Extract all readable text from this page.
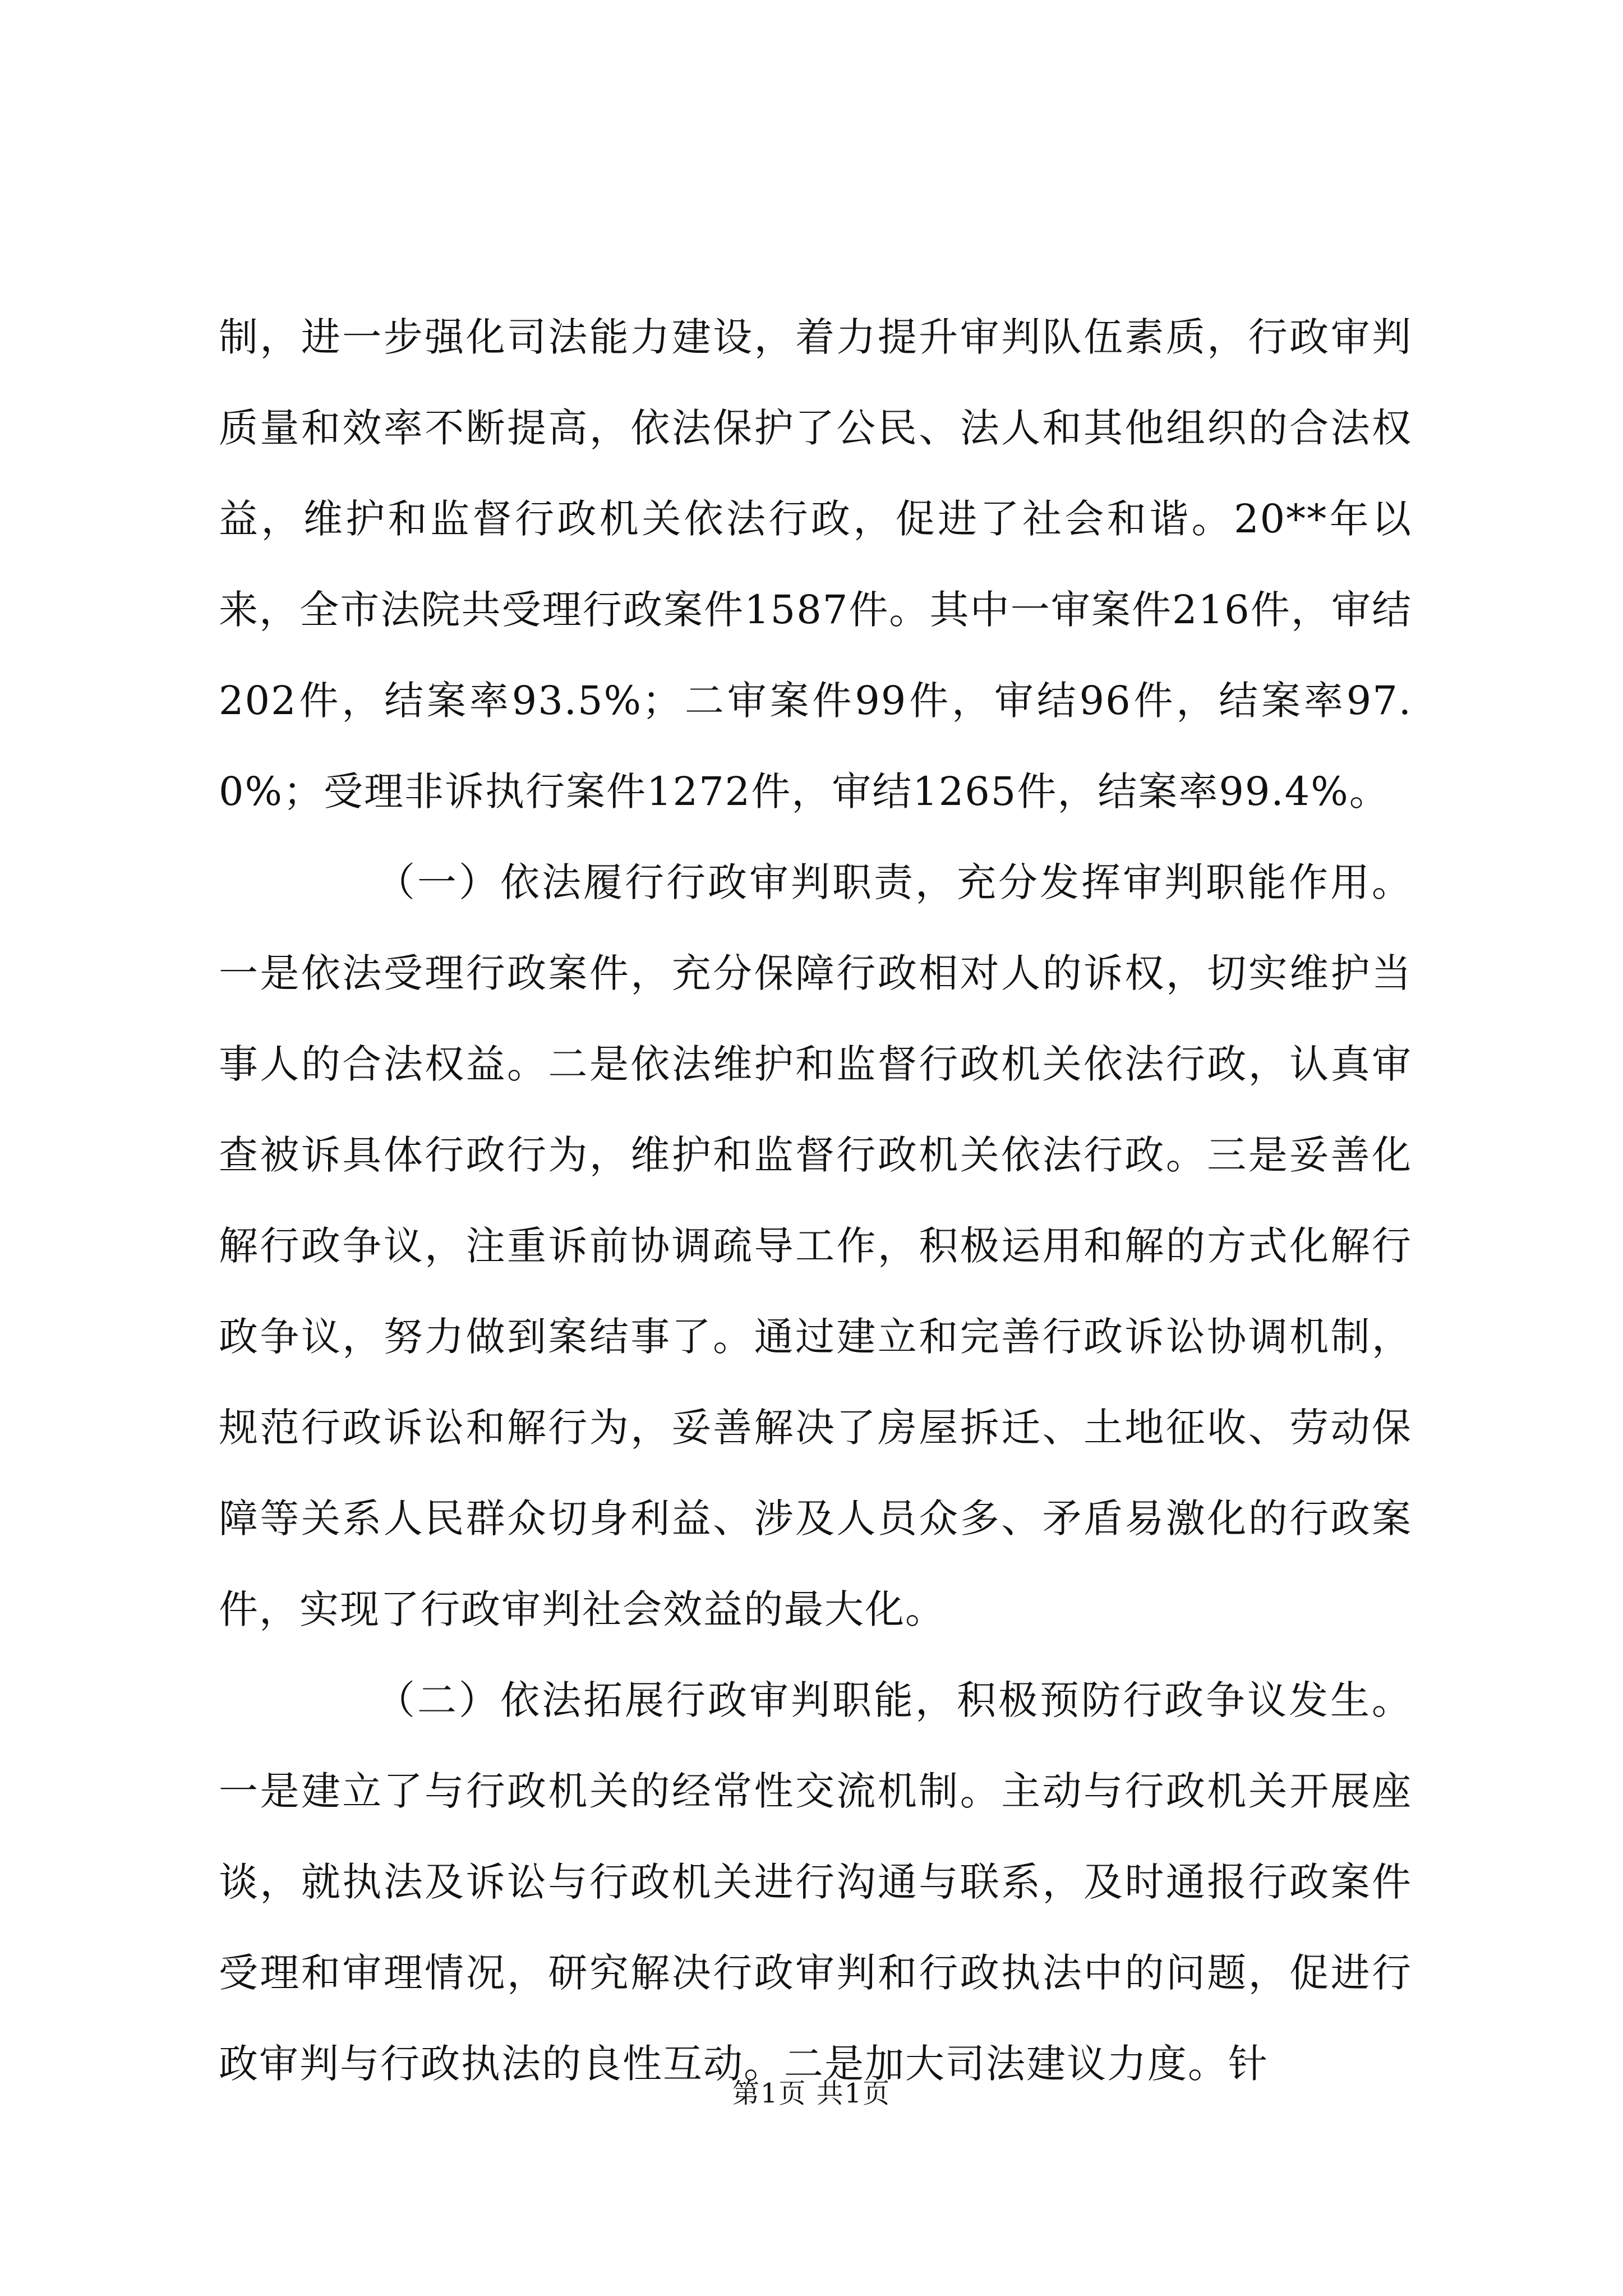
制，进一步强化司法能力建设，着力提升审判队伍素质，行政审判质量和效率不断提高，依法保护了公民、法人和其他组织的合法权益，维护和监督行政机关依法行政，促进了社会和谐。20**年以来，全市法院共受理行政案件1587件。其中一审案件216件，审结202件，结案率93.5%；二审案件99件，审结96件，结案率97.0%；受理非诉执行案件1272件，审结1265件，结案率99.4%。

（一）依法履行行政审判职责，充分发挥审判职能作用。一是依法受理行政案件，充分保障行政相对人的诉权，切实维护当事人的合法权益。二是依法维护和监督行政机关依法行政，认真审查被诉具体行政行为，维护和监督行政机关依法行政。三是妥善化解行政争议，注重诉前协调疏导工作，积极运用和解的方式化解行政争议，努力做到案结事了。通过建立和完善行政诉讼协调机制，规范行政诉讼和解行为，妥善解决了房屋拆迁、土地征收、劳动保障等关系人民群众切身利益、涉及人员众多、矛盾易激化的行政案件，实现了行政审判社会效益的最大化。

（二）依法拓展行政审判职能，积极预防行政争议发生。一是建立了与行政机关的经常性交流机制。主动与行政机关开展座谈，就执法及诉讼与行政机关进行沟通与联系，及时通报行政案件受理和审理情况，研究解决行政审判和行政执法中的问题，促进行政审判与行政执法的良性互动。二是加大司法建议力度。针

第1页 共1页
